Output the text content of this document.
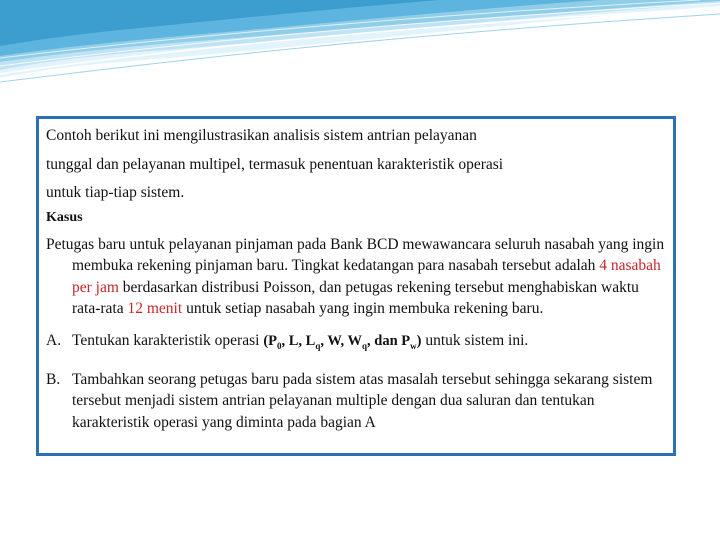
Contoh berikut ini mengilustrasikan analisis sistem antrian pelayanan
tunggal dan pelayanan multipel, termasuk penentuan karakteristik operasi
untuk tiap-tiap sistem.

Kasus

Petugas baru untuk pelayanan pinjaman pada Bank BCD mewawancara seluruh nasabah yang ingin membuka rekening pinjaman baru. Tingkat kedatangan para nasabah tersebut adalah 4 nasabah per jam berdasarkan distribusi Poisson, dan petugas rekening tersebut menghabiskan waktu rata-rata 12 menit untuk setiap nasabah yang ingin membuka rekening baru.

A. Tentukan karakteristik operasi ($P_0$, L, $L_q$, W, $W_q$, dan $P_w$) untuk sistem ini.

B. Tambahkan seorang petugas baru pada sistem atas masalah tersebut sehingga sekarang sistem tersebut menjadi sistem antrian pelayanan multiple dengan dua saluran dan tentukan karakteristik operasi yang diminta pada bagian A
